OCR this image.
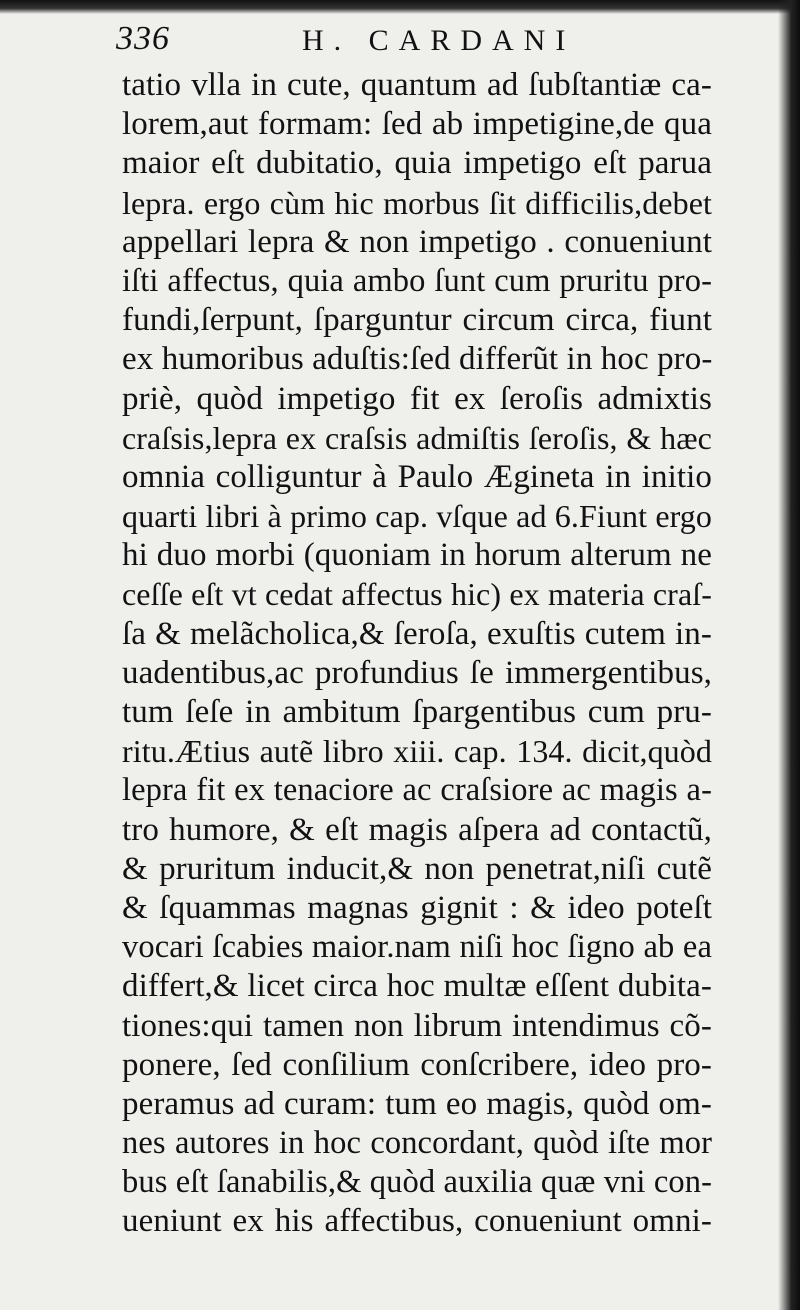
336	H. CARDANI
tatio vlla in cute, quantum ad ſubſtantiæ ca-
lorem,aut formam: ſed ab impetigine,de qua
maior eſt dubitatio, quia impetigo eſt parua
lepra. ergo cùm hic morbus ſit difficilis,debet
appellari lepra & non impetigo . conueniunt
iſti affectus, quia ambo ſunt cum pruritu pro-
fundi,ſerpunt, ſparguntur circum circa, fiunt
ex humoribus aduſtis:ſed differũt in hoc pro-
priè, quòd impetigo fit ex ſeroſis admixtis
craſsis,lepra ex craſsis admiſtis ſeroſis, & hæc
omnia colliguntur à Paulo Ægineta in initio
quarti libri à primo cap. vſque ad 6.Fiunt ergo
hi duo morbi (quoniam in horum alterum ne
ceſſe eſt vt cedat affectus hic) ex materia craſ-
ſa & melãcholica,& ſeroſa, exuſtis cutem in-
uadentibus,ac profundius ſe immergentibus,
tum ſeſe in ambitum ſpargentibus cum pru-
ritu.Ætius autẽ libro xiii. cap. 134. dicit,quòd
lepra fit ex tenaciore ac craſsiore ac magis a-
tro humore, & eſt magis aſpera ad contactũ,
& pruritum inducit,& non penetrat,niſi cutẽ
& ſquammas magnas gignit : & ideo poteſt
vocari ſcabies maior.nam niſi hoc ſigno ab ea
differt,& licet circa hoc multæ eſſent dubita-
tiones:qui tamen non librum intendimus cõ-
ponere, ſed conſilium conſcribere, ideo pro-
peramus ad curam: tum eo magis, quòd om-
nes autores in hoc concordant, quòd iſte mor
bus eſt ſanabilis,& quòd auxilia quæ vni con-
ueniunt ex his affectibus, conueniunt omni-
